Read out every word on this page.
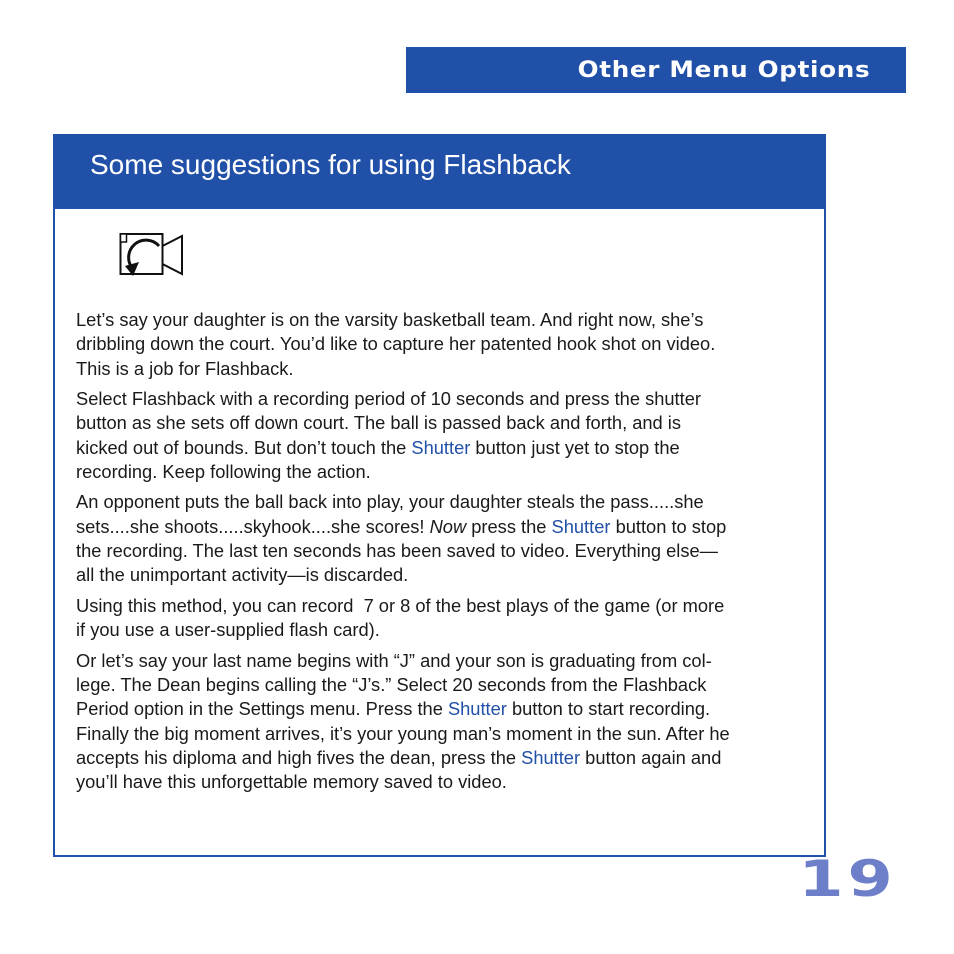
Other Menu Options
Some suggestions for using Flashback

Let’s say your daughter is on the varsity basketball team. And right now, she’s
dribbling down the court. You’d like to capture her patented hook shot on video.
This is a job for Flashback.

Select Flashback with a recording period of 10 seconds and press the shutter
button as she sets off down court. The ball is passed back and forth, and is
kicked out of bounds. But don’t touch the Shutter button just yet to stop the
recording. Keep following the action.

An opponent puts the ball back into play, your daughter steals the pass.....she
sets....she shoots.....skyhook....she scores! Now press the Shutter button to stop
the recording. The last ten seconds has been saved to video. Everything else—
all the unimportant activity—is discarded.

Using this method, you can record  7 or 8 of the best plays of the game (or more
if you use a user-supplied flash card).

Or let’s say your last name begins with “J” and your son is graduating from col-
lege. The Dean begins calling the “J’s.” Select 20 seconds from the Flashback
Period option in the Settings menu. Press the Shutter button to start recording.
Finally the big moment arrives, it’s your young man’s moment in the sun. After he
accepts his diploma and high fives the dean, press the Shutter button again and
you’ll have this unforgettable memory saved to video.

19
